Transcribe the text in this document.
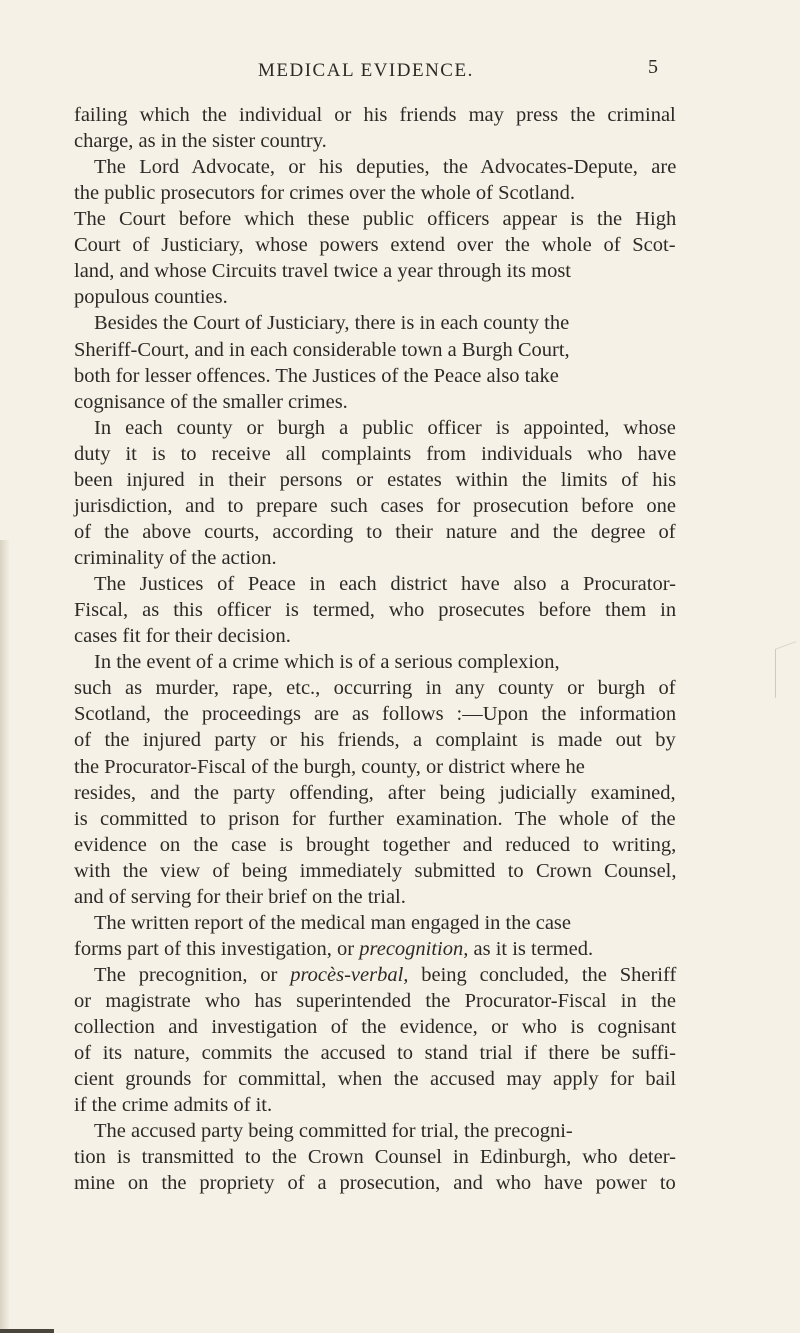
MEDICAL EVIDENCE.	5
failing which the individual or his friends may press the criminal
charge, as in the sister country.
The Lord Advocate, or his deputies, the Advocates-Depute, are
the public prosecutors for crimes over the whole of Scotland.
The Court before which these public officers appear is the High
Court of Justiciary, whose powers extend over the whole of Scot-
land, and whose Circuits travel twice a year through its most
populous counties.
Besides the Court of Justiciary, there is in each county the
Sheriff-Court, and in each considerable town a Burgh Court,
both for lesser offences. The Justices of the Peace also take
cognisance of the smaller crimes.
In each county or burgh a public officer is appointed, whose
duty it is to receive all complaints from individuals who have
been injured in their persons or estates within the limits of his
jurisdiction, and to prepare such cases for prosecution before one
of the above courts, according to their nature and the degree of
criminality of the action.
The Justices of Peace in each district have also a Procurator-
Fiscal, as this officer is termed, who prosecutes before them in
cases fit for their decision.
In the event of a crime which is of a serious complexion,
such as murder, rape, etc., occurring in any county or burgh of
Scotland, the proceedings are as follows :—Upon the information
of the injured party or his friends, a complaint is made out by
the Procurator-Fiscal of the burgh, county, or district where he
resides, and the party offending, after being judicially examined,
is committed to prison for further examination. The whole of the
evidence on the case is brought together and reduced to writing,
with the view of being immediately submitted to Crown Counsel,
and of serving for their brief on the trial.
The written report of the medical man engaged in the case
forms part of this investigation, or precognition, as it is termed.
The precognition, or procès-verbal, being concluded, the Sheriff
or magistrate who has superintended the Procurator-Fiscal in the
collection and investigation of the evidence, or who is cognisant
of its nature, commits the accused to stand trial if there be suffi-
cient grounds for committal, when the accused may apply for bail
if the crime admits of it.
The accused party being committed for trial, the precogni-
tion is transmitted to the Crown Counsel in Edinburgh, who deter-
mine on the propriety of a prosecution, and who have power to
